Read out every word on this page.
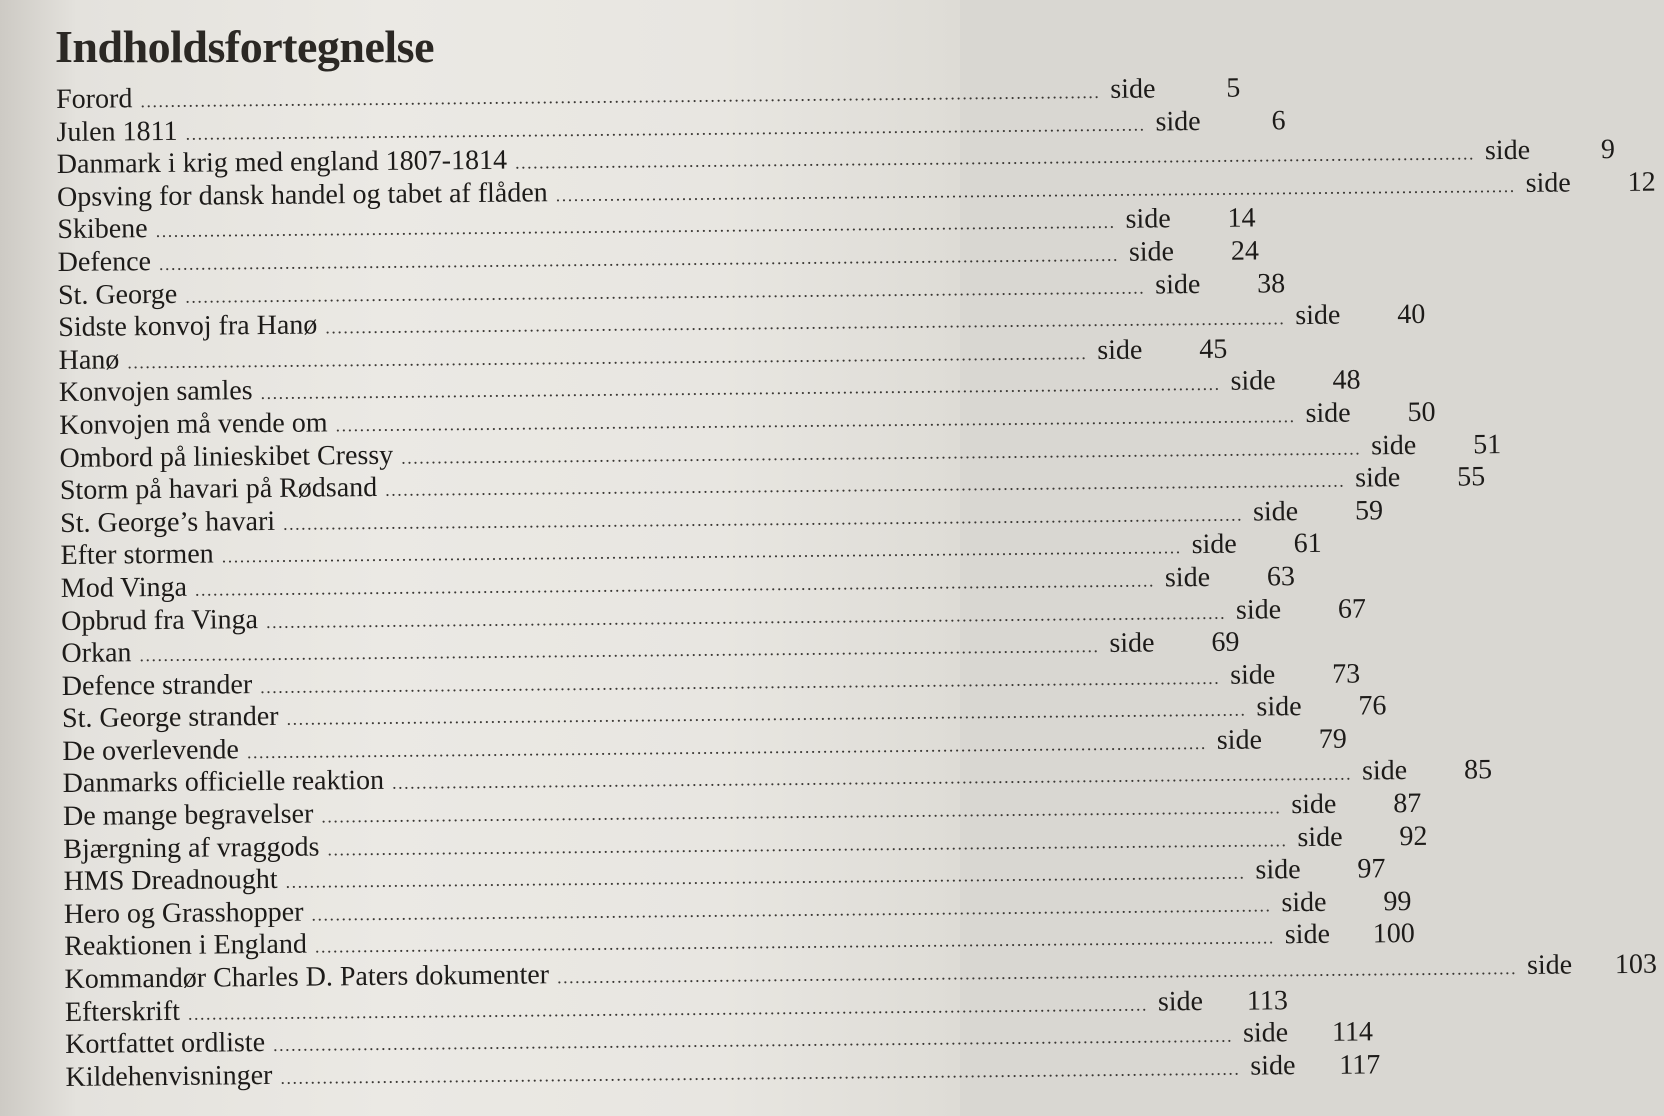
Indholdsfortegnelse
Forord ................................................................................................................................................................ side	5
Julen 1811 ................................................................................................................................................................ side	6
Danmark i krig med england 1807-1814 ................................................................................................................................................................ side	9
Opsving for dansk handel og tabet af flåden ................................................................................................................................................................ side	12
Skibene ................................................................................................................................................................ side	14
Defence ................................................................................................................................................................ side	24
St. George ................................................................................................................................................................ side	38
Sidste konvoj fra Hanø ................................................................................................................................................................ side	40
Hanø ................................................................................................................................................................ side	45
Konvojen samles ................................................................................................................................................................ side	48
Konvojen må vende om ................................................................................................................................................................ side	50
Ombord på linieskibet Cressy ................................................................................................................................................................ side	51
Storm på havari på Rødsand ................................................................................................................................................................ side	55
St. George’s havari ................................................................................................................................................................ side	59
Efter stormen ................................................................................................................................................................ side	61
Mod Vinga ................................................................................................................................................................ side	63
Opbrud fra Vinga ................................................................................................................................................................ side	67
Orkan ................................................................................................................................................................ side	69
Defence strander ................................................................................................................................................................ side	73
St. George strander ................................................................................................................................................................ side	76
De overlevende ................................................................................................................................................................ side	79
Danmarks officielle reaktion ................................................................................................................................................................ side	85
De mange begravelser ................................................................................................................................................................ side	87
Bjærgning af vraggods ................................................................................................................................................................ side	92
HMS Dreadnought ................................................................................................................................................................ side	97
Hero og Grasshopper ................................................................................................................................................................ side	99
Reaktionen i England ................................................................................................................................................................ side	100
Kommandør Charles D. Paters dokumenter ................................................................................................................................................................ side	103
Efterskrift ................................................................................................................................................................ side	113
Kortfattet ordliste ................................................................................................................................................................ side	114
Kildehenvisninger ................................................................................................................................................................ side	117
